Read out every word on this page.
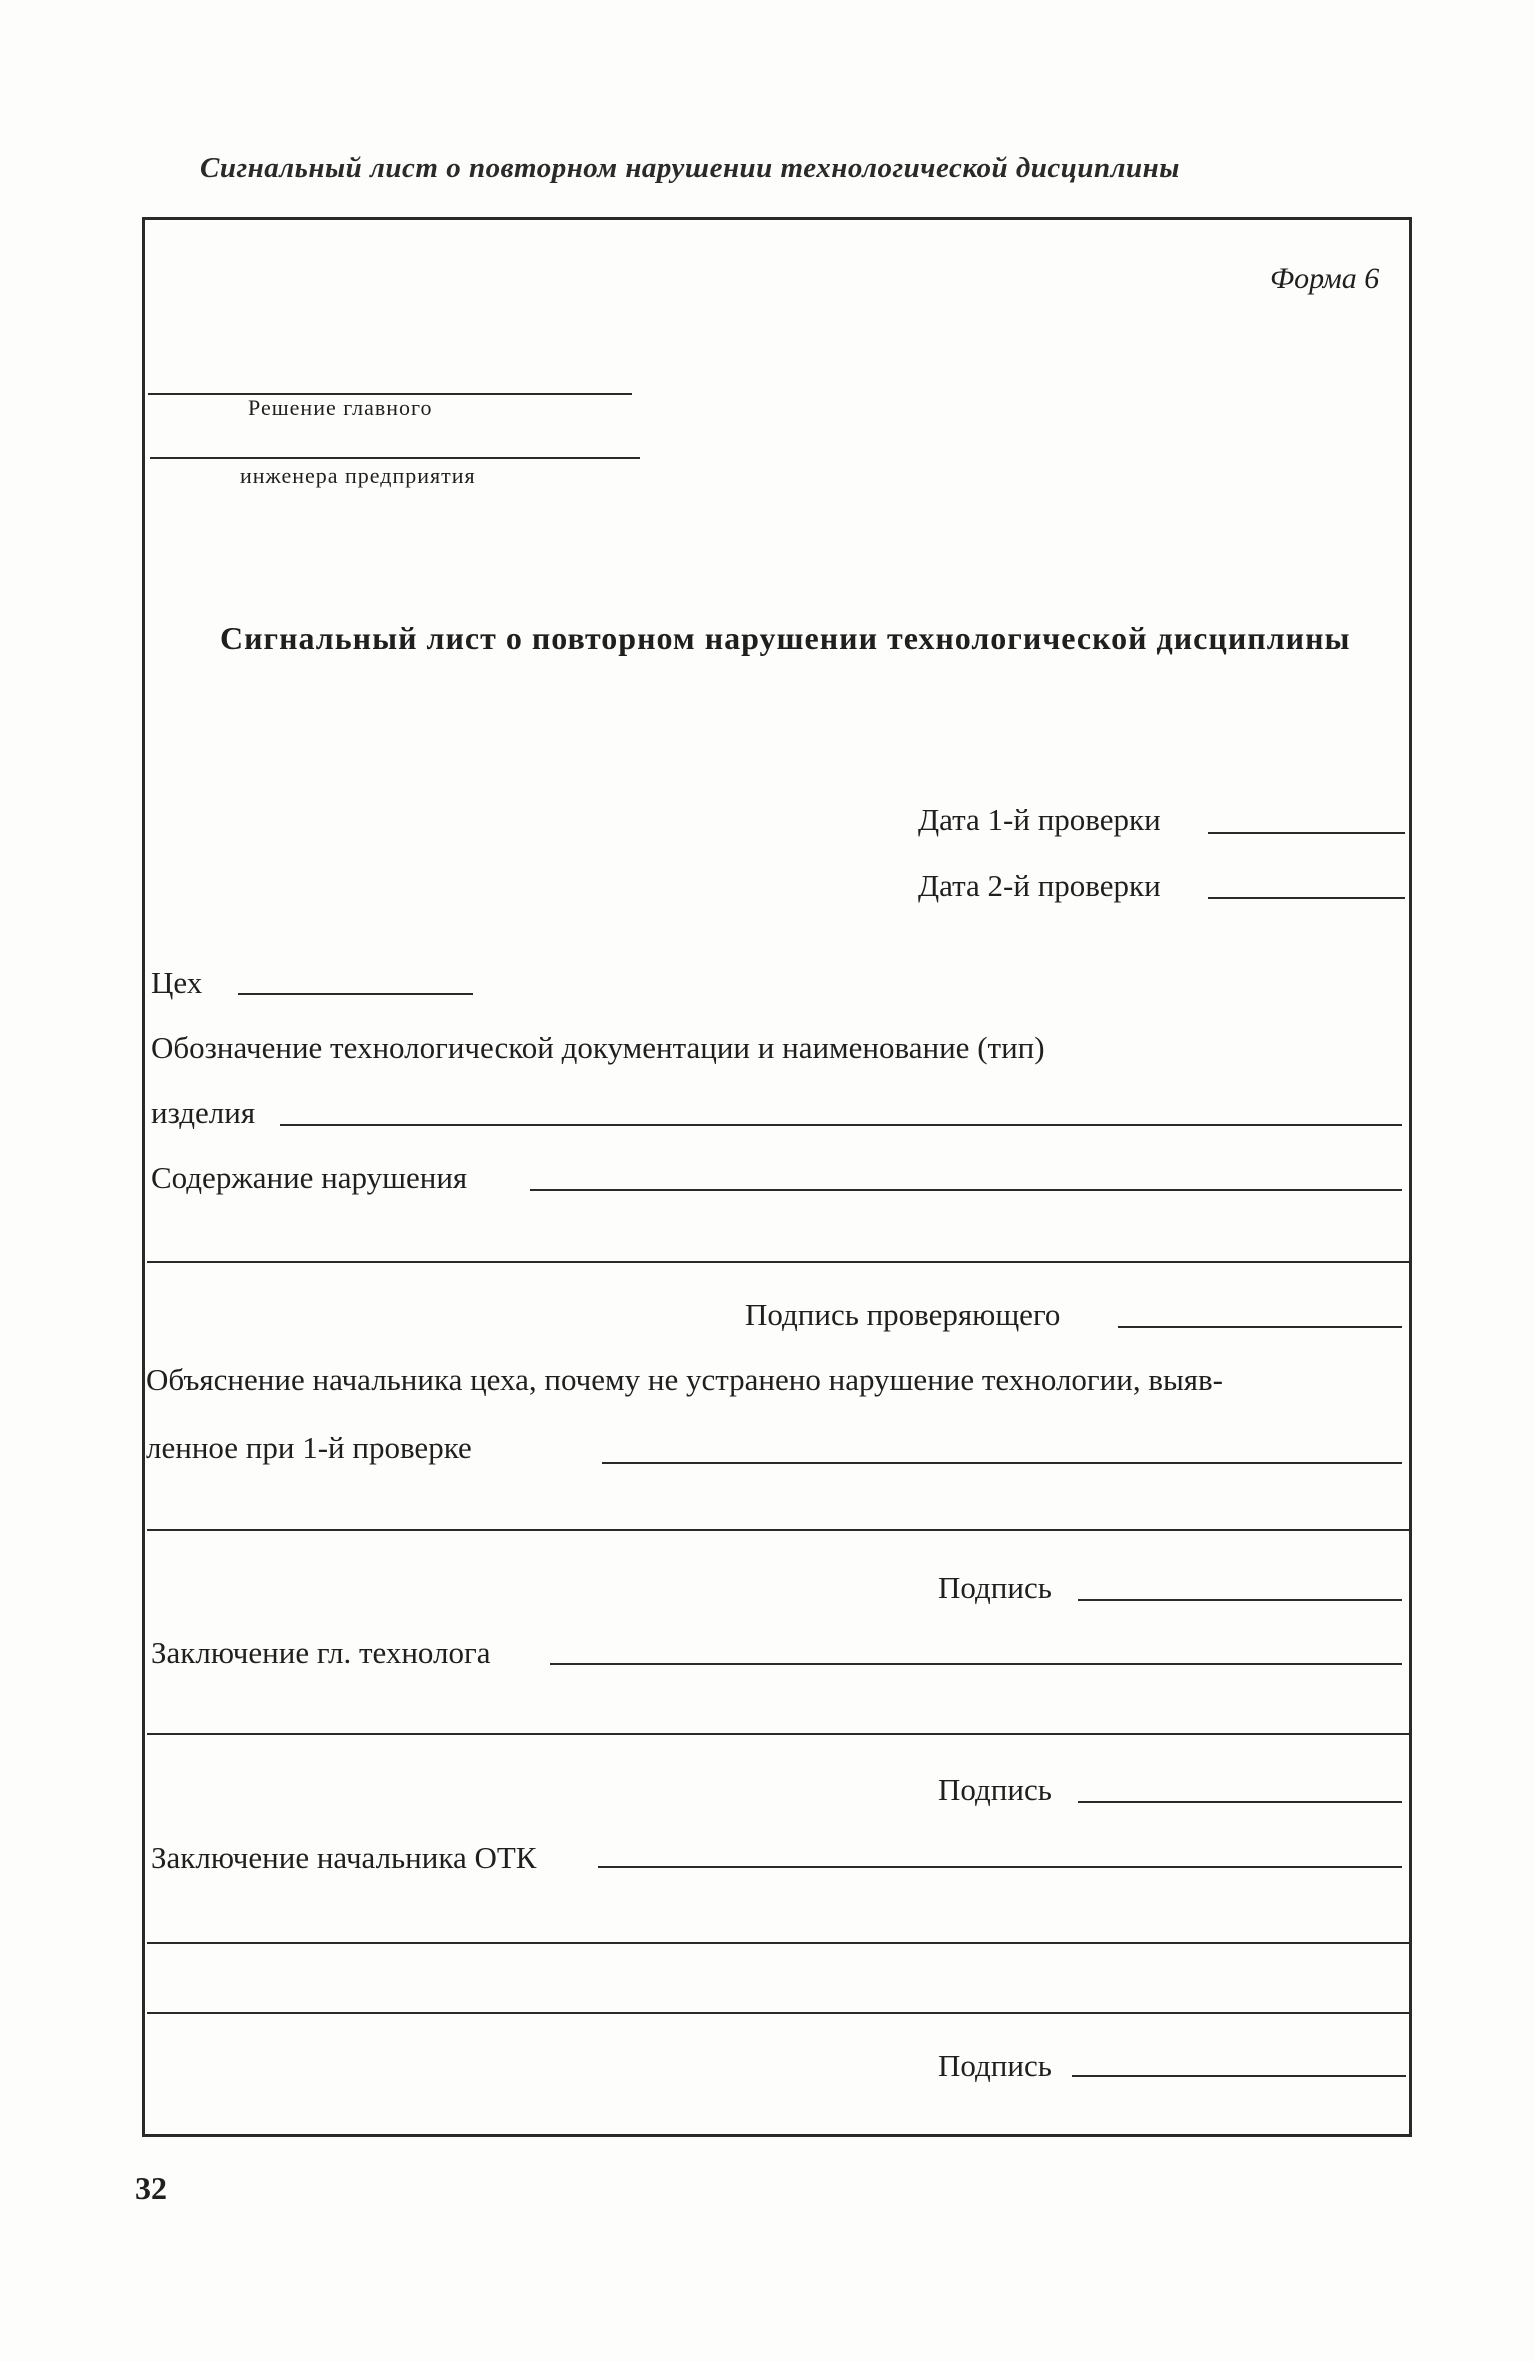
Сигнальный лист о повторном нарушении технологической дисциплины
Форма 6
Решение главного
инженера предприятия
Сигнальный лист о повторном нарушении технологической дисциплины
Дата 1-й проверки
Дата 2-й проверки
Цех
Обозначение технологической документации и наименование (тип)
изделия
Содержание нарушения
Подпись проверяющего
Объяснение начальника цеха, почему не устранено нарушение технологии, выяв-
ленное при 1-й проверке
Подпись
Заключение гл. технолога
Подпись
Заключение начальника ОТК
Подпись
32
